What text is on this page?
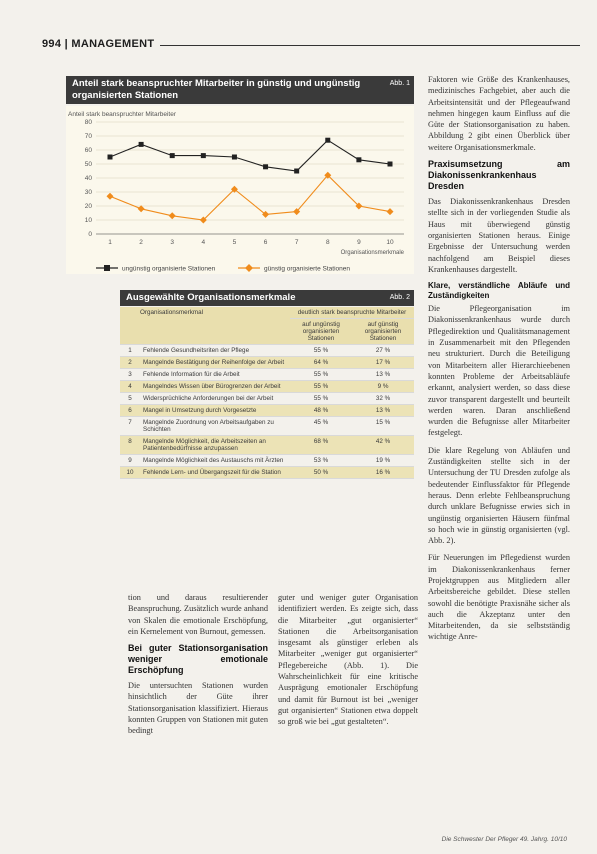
994 | MANAGEMENT
Anteil stark beanspruchter Mitarbeiter in günstig und ungünstig organisierten Stationen
Abb. 1
Anteil stark beanspruchter Mitarbeiter
0
10
20
30
40
50
60
70
80
1	2	3	4	5	6	7	8	9	10
Organisationsmerkmale
ungünstig organisierte Stationen	günstig organisierte Stationen
Ausgewählte Organisationsmerkmale	Abb. 2
Organisationsmerkmal		deutlich stark beanspruchte Mitarbeiter	
		auf ungünstig organisierten Stationen	auf günstig organisierten Stationen
1	Fehlende Gesundheitsriten der Pflege	55 %	27 %
2	Mangelnde Bestätigung der Reihenfolge der Arbeit	64 %	17 %
3	Fehlende Information für die Arbeit	55 %	13 %
4	Mangelndes Wissen über Bürogrenzen der Arbeit	55 %	9 %
5	Widersprüchliche Anforderungen bei der Arbeit	55 %	32 %
6	Mangel in Umsetzung durch Vorgesetzte	48 %	13 %
7	Mangelnde Zuordnung von Arbeitsaufgaben zu Schichten	45 %	15 %
8	Mangelnde Möglichkeit, die Arbeitszeiten an Patientenbedürfnisse anzupassen	68 %	42 %
9	Mangelnde Möglichkeit des Austauschs mit Ärzten	53 %	19 %
10	Fehlende Lern- und Übergangszeit für die Station	50 %	16 %

tion und daraus resultierender Beanspruchung. Zusätzlich wurde anhand von Skalen die emotionale Erschöpfung, ein Kernelement von Burnout, gemessen.

Bei guter Stationsorganisation weniger emotionale Erschöpfung

Die untersuchten Stationen wurden hinsichtlich der Güte ihrer Stationsorganisation klassifiziert. Hieraus konnten Gruppen von Stationen mit guten bedingt

guter und weniger guter Organisation identifiziert werden. Es zeigte sich, dass die Mitarbeiter „gut organisierter“ Stationen die Arbeitsorganisation insgesamt als günstiger erleben als Mitarbeiter „weniger gut organisierter“ Pflegebereiche (Abb. 1). Die Wahrscheinlichkeit für eine kritische Ausprägung emotionaler Erschöpfung und damit für Burnout ist bei „weniger gut organisierten“ Stationen etwa doppelt so groß wie bei „gut gestalteten“.

Faktoren wie Größe des Krankenhauses, medizinisches Fachgebiet, aber auch die Arbeitsintensität und der Pflegeaufwand nehmen hingegen kaum Einfluss auf die Güte der Stationsorganisation zu haben. Abbildung 2 gibt einen Überblick über weitere Organisationsmerkmale.

Praxisumsetzung am Diakonissenkrankenhaus Dresden

Das Diakonissenkrankenhaus Dresden stellte sich in der vorliegenden Studie als Haus mit überwiegend günstig organisierten Stationen heraus. Einige Ergebnisse der Untersuchung werden nachfolgend am Beispiel dieses Krankenhauses dargestellt.

Klare, verständliche Abläufe und Zuständigkeiten

Die Pflegeorganisation im Diakonissenkrankenhaus wurde durch Pflegedirektion und Qualitätsmanagement in Zusammenarbeit mit den Pflegenden neu strukturiert. Durch die Beteiligung von Mitarbeitern aller Hierarchieebenen konnten Probleme der Arbeitsabläufe erkannt, analysiert werden, so dass diese zuvor transparent dargestellt und beurteilt werden waren. Daran anschließend wurden die Befugnisse aller Mitarbeiter festgelegt.

Die klare Regelung von Abläufen und Zuständigkeiten stellte sich in der Untersuchung der TU Dresden zufolge als bedeutender Einflussfaktor für Pflegende heraus. Denn erlebte Fehlbeanspruchung durch unklare Befugnisse erwies sich in ungünstig organisierten Häusern fünfmal so hoch wie in günstig organisierten (vgl. Abb. 2).

Für Neuerungen im Pflegedienst wurden im Diakonissenkrankenhaus ferner Projektgruppen aus Mitgliedern aller Arbeitsbereiche gebildet. Diese stellen sowohl die benötigte Praxisnähe sicher als auch die Akzeptanz unter den Mitarbeitenden, da sie selbstständig wichtige Anre-

Die Schwester Der Pfleger 49. Jahrg. 10/10
